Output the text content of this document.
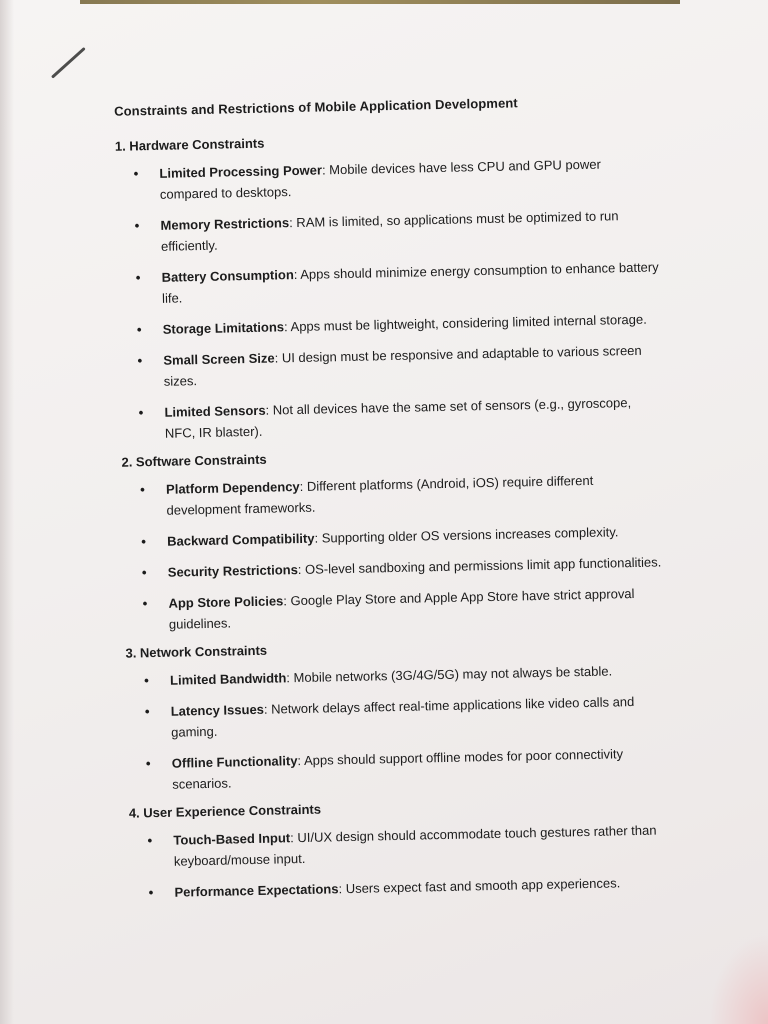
Constraints and Restrictions of Mobile Application Development
1. Hardware Constraints
• Limited Processing Power: Mobile devices have less CPU and GPU power compared to desktops.
• Memory Restrictions: RAM is limited, so applications must be optimized to run efficiently.
• Battery Consumption: Apps should minimize energy consumption to enhance battery life.
• Storage Limitations: Apps must be lightweight, considering limited internal storage.
• Small Screen Size: UI design must be responsive and adaptable to various screen sizes.
• Limited Sensors: Not all devices have the same set of sensors (e.g., gyroscope, NFC, IR blaster).
2. Software Constraints
• Platform Dependency: Different platforms (Android, iOS) require different development frameworks.
• Backward Compatibility: Supporting older OS versions increases complexity.
• Security Restrictions: OS-level sandboxing and permissions limit app functionalities.
• App Store Policies: Google Play Store and Apple App Store have strict approval guidelines.
3. Network Constraints
• Limited Bandwidth: Mobile networks (3G/4G/5G) may not always be stable.
• Latency Issues: Network delays affect real-time applications like video calls and gaming.
• Offline Functionality: Apps should support offline modes for poor connectivity scenarios.
4. User Experience Constraints
• Touch-Based Input: UI/UX design should accommodate touch gestures rather than keyboard/mouse input.
• Performance Expectations: Users expect fast and smooth app experiences.
